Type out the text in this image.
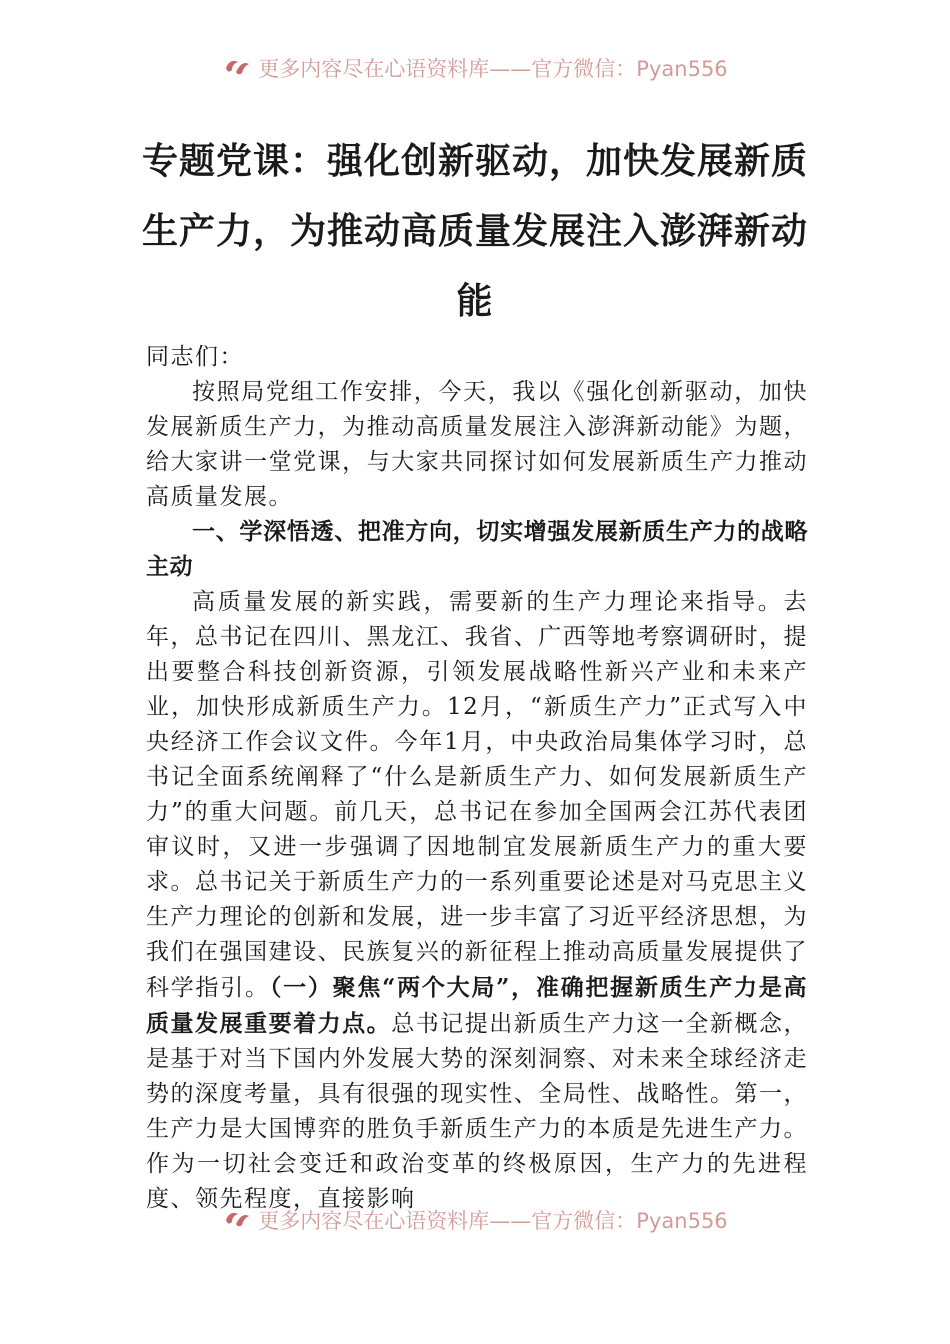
更多内容尽在心语资料库——官方微信：Pyan556
专题党课：强化创新驱动，加快发展新质生产力，为推动高质量发展注入澎湃新动能

同志们：

按照局党组工作安排，今天，我以《强化创新驱动，加快发展新质生产力，为推动高质量发展注入澎湃新动能》为题，给大家讲一堂党课，与大家共同探讨如何发展新质生产力推动高质量发展。

一、学深悟透、把准方向，切实增强发展新质生产力的战略主动

高质量发展的新实践，需要新的生产力理论来指导。去年，总书记在四川、黑龙江、我省、广西等地考察调研时，提出要整合科技创新资源，引领发展战略性新兴产业和未来产业，加快形成新质生产力。12月，“新质生产力”正式写入中央经济工作会议文件。今年1月，中央政治局集体学习时，总书记全面系统阐释了“什么是新质生产力、如何发展新质生产力”的重大问题。前几天，总书记在参加全国两会江苏代表团审议时，又进一步强调了因地制宜发展新质生产力的重大要求。总书记关于新质生产力的一系列重要论述是对马克思主义生产力理论的创新和发展，进一步丰富了习近平经济思想，为我们在强国建设、民族复兴的新征程上推动高质量发展提供了科学指引。（一）聚焦“两个大局”，准确把握新质生产力是高质量发展重要着力点。总书记提出新质生产力这一全新概念，是基于对当下国内外发展大势的深刻洞察、对未来全球经济走势的深度考量，具有很强的现实性、全局性、战略性。第一，生产力是大国博弈的胜负手新质生产力的本质是先进生产力。作为一切社会变迁和政治变革的终极原因，生产力的先进程度、领先程度，直接影响

更多内容尽在心语资料库——官方微信：Pyan556
